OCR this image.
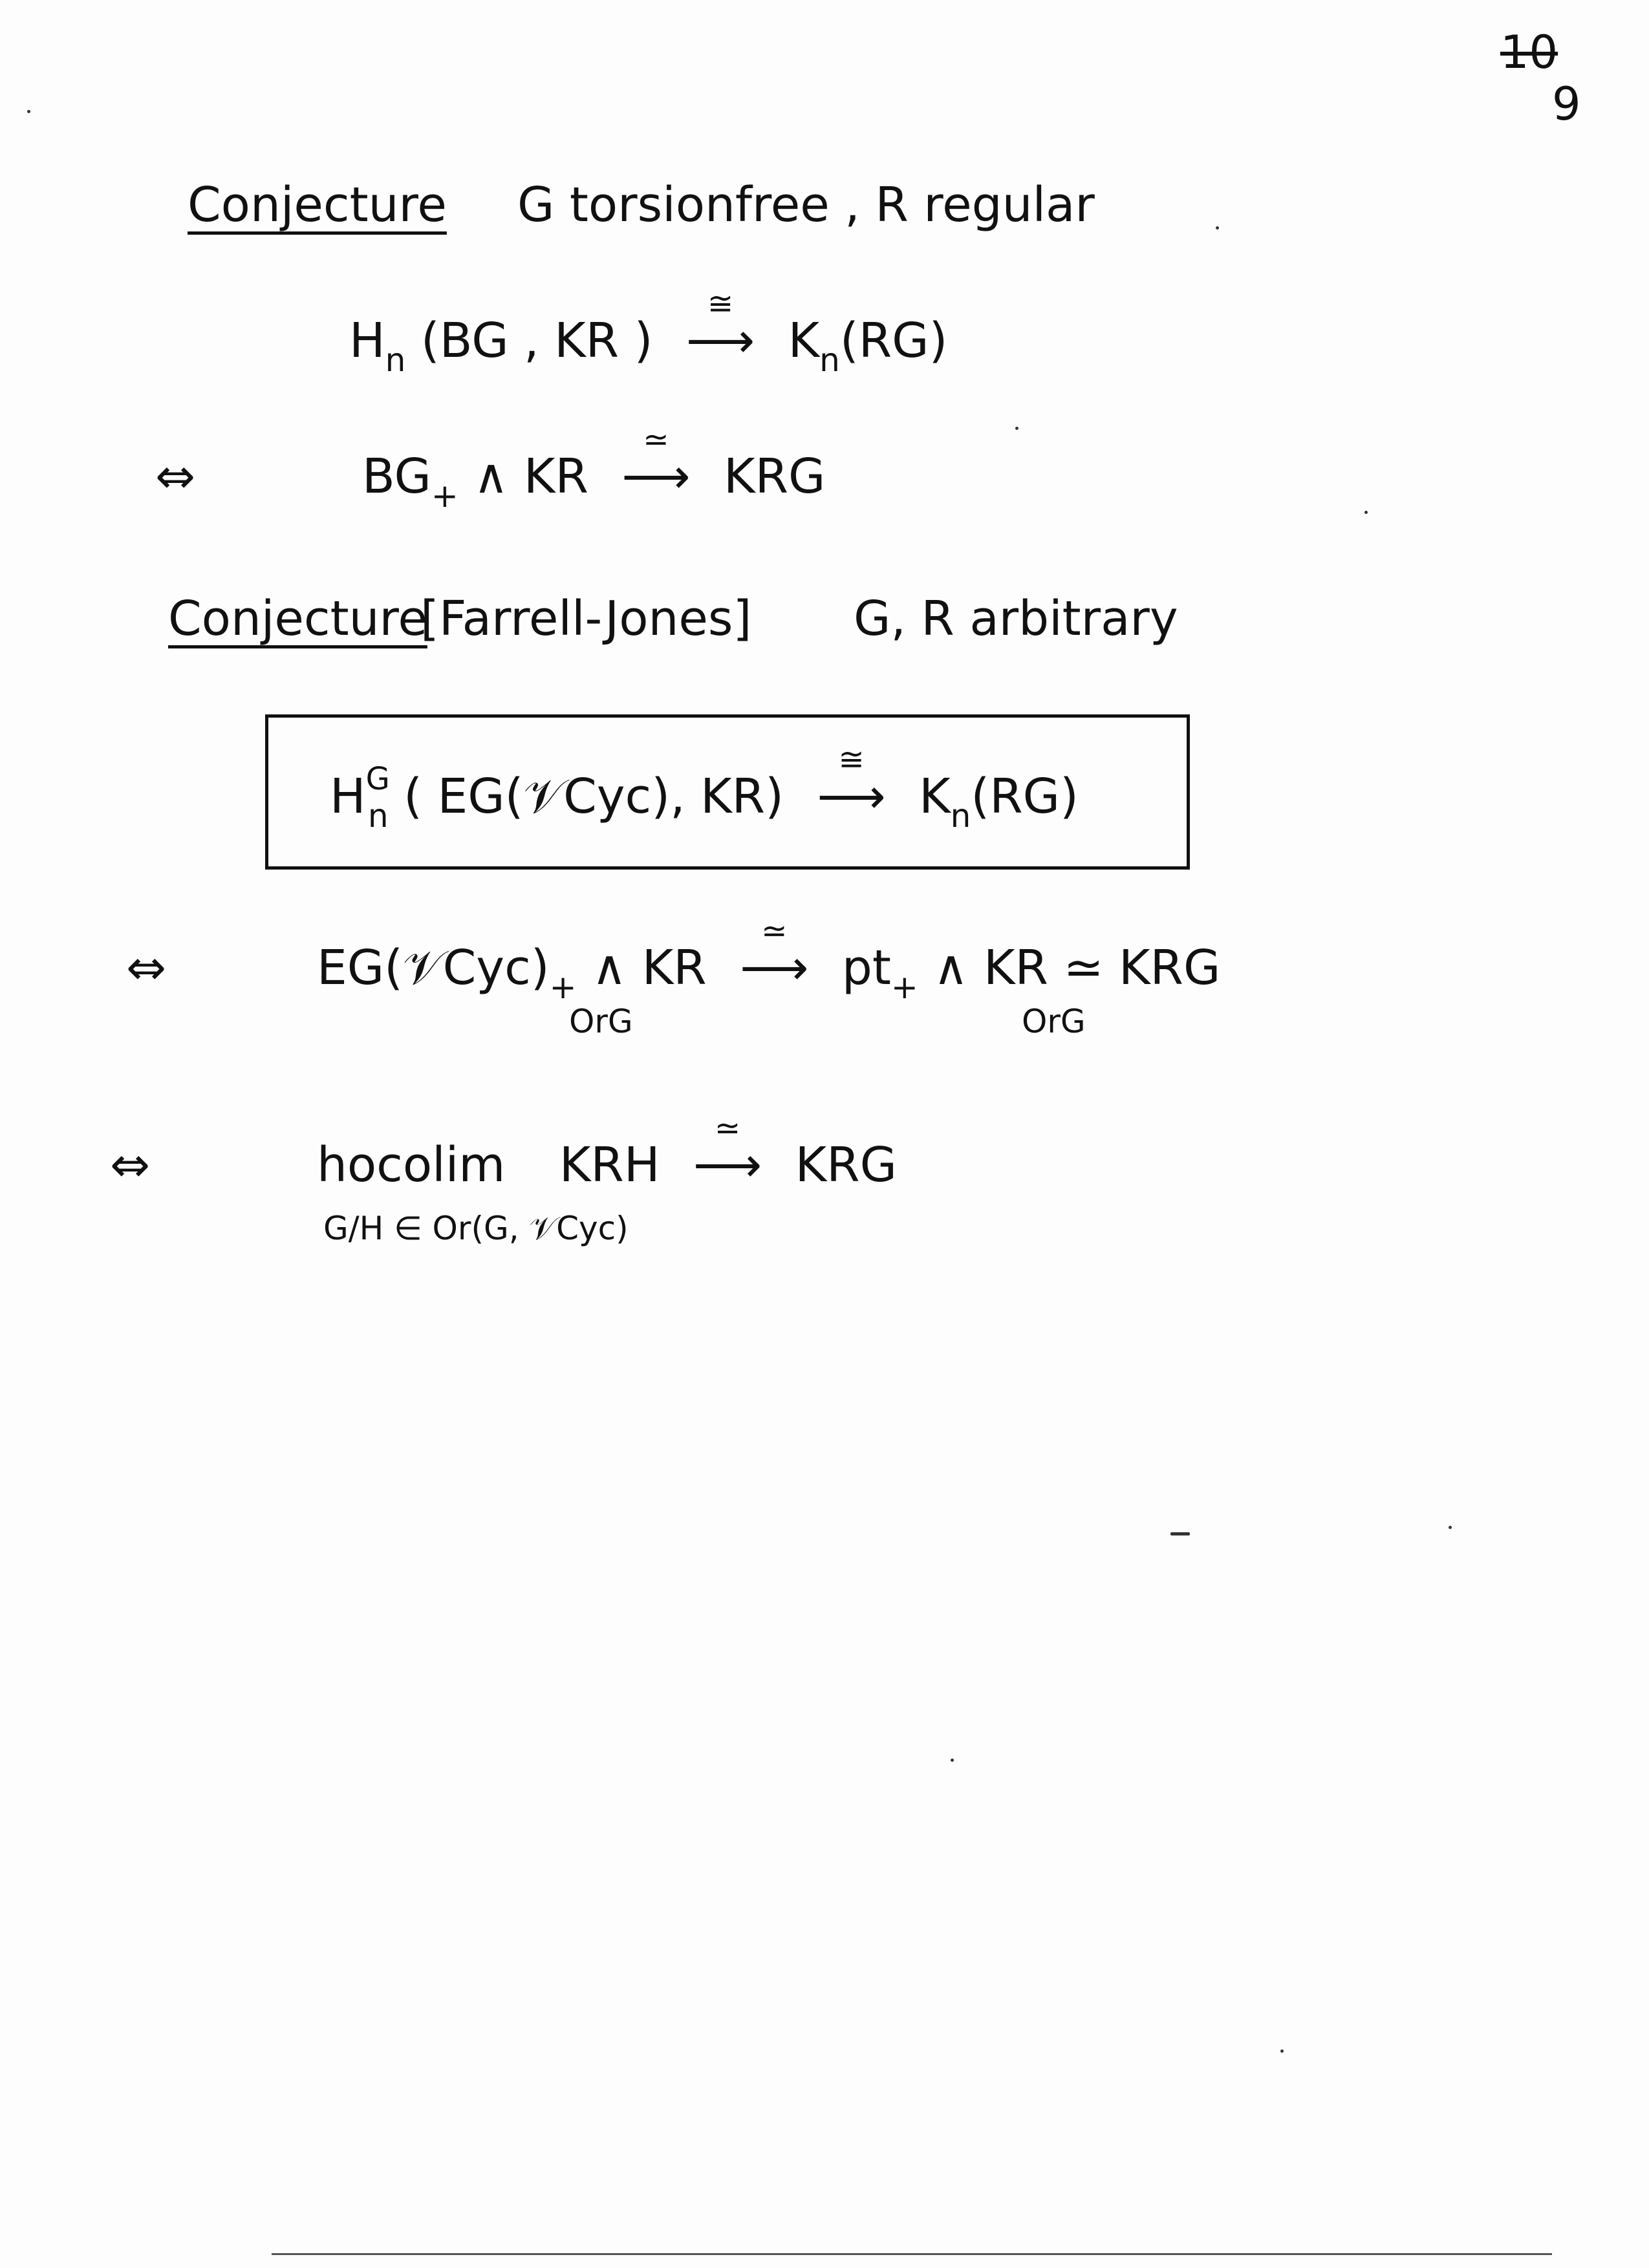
10
9
Conjecture G torsionfree , R regular
$H_n$ (BG , KR )
≅
⟶ $K_n(RG)$
⇔	$BG_+$ ∧ KR
≃
⟶ KRG
Conjecture
[Farrell-Jones] G, R arbitrary
$H^G_n$ ( EG(𝒱Cyc), KR)
≅
⟶ $K_n(RG)$
⇔	$EG(𝒱Cyc)_+$ ∧ KR
≃
⟶ $pt_+$ ∧ KR ≃ KRG
OrG	OrG
⇔	hocolim KRH
≃
⟶ KRG
G/H ∈ Or(G, 𝒱Cyc)
